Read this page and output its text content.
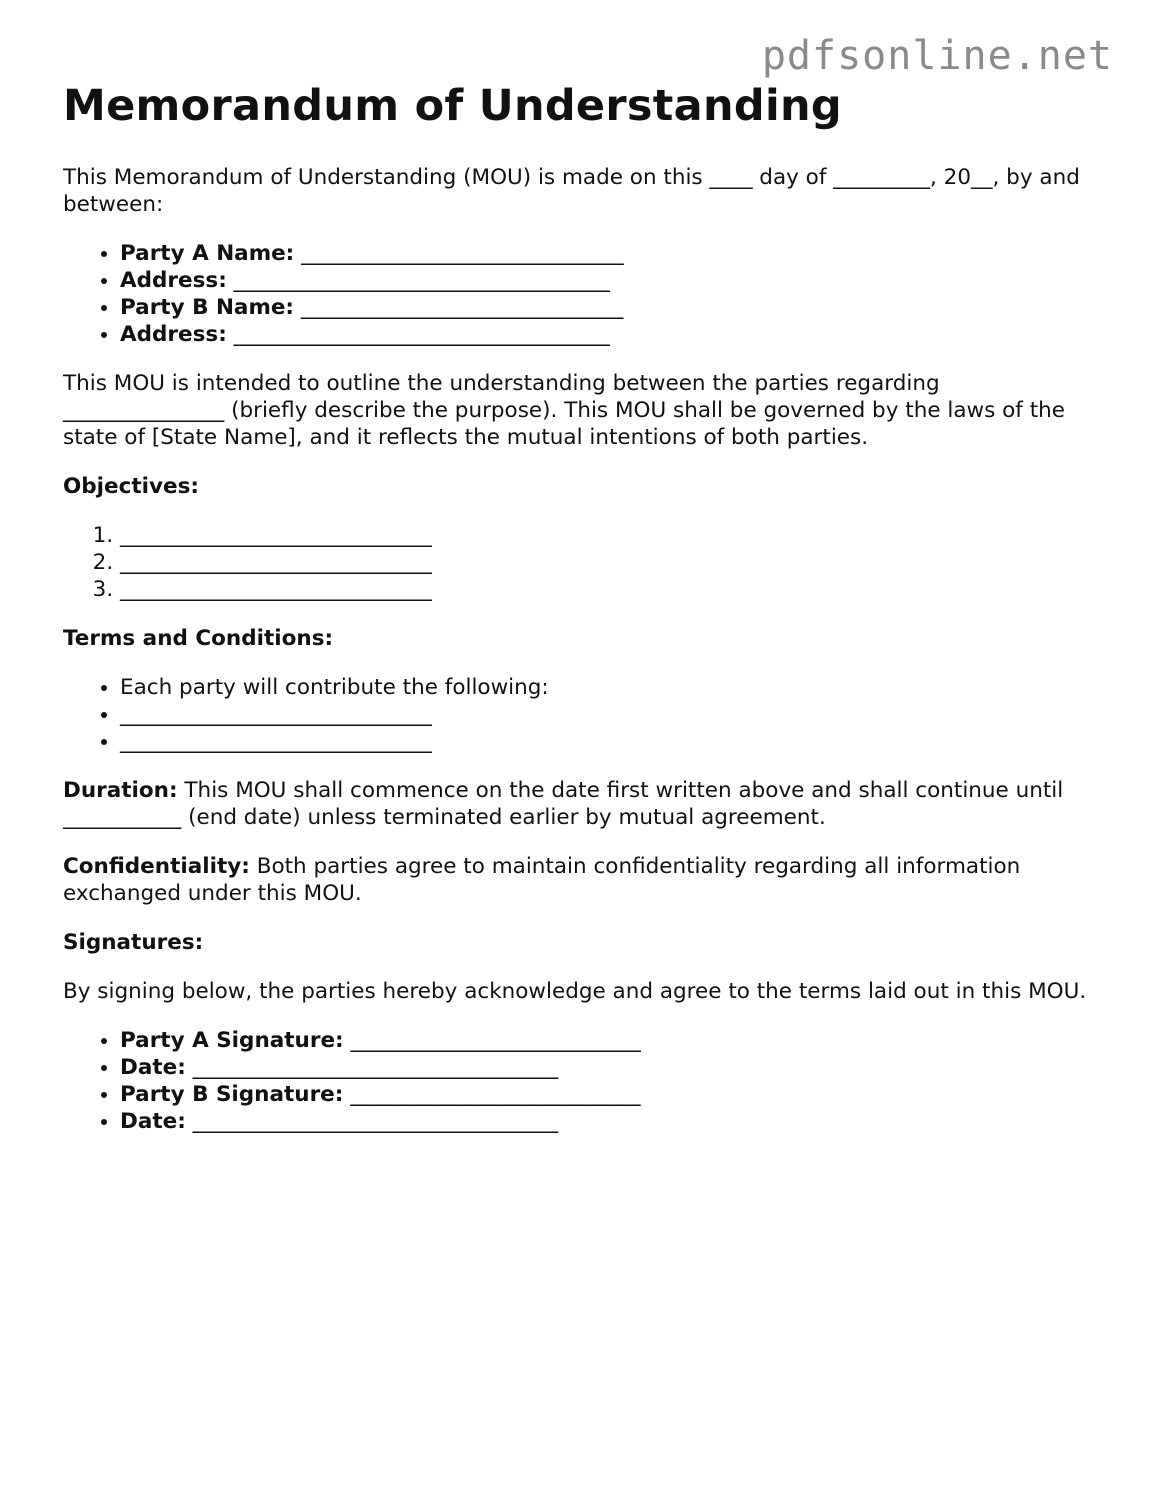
pdfsonline.net
Memorandum of Understanding

This Memorandum of Understanding (MOU) is made on this ____ day of _________, 20__, by and between:

• Party A Name: ______________________________
• Address: ___________________________________
• Party B Name: ______________________________
• Address: ___________________________________

This MOU is intended to outline the understanding between the parties regarding _______________ (briefly describe the purpose). This MOU shall be governed by the laws of the state of [State Name], and it reflects the mutual intentions of both parties.

Objectives:
1. _____________________________
2. _____________________________
3. _____________________________
Terms and Conditions:
• Each party will contribute the following:
• _____________________________
• _____________________________

Duration: This MOU shall commence on the date first written above and shall continue until ___________ (end date) unless terminated earlier by mutual agreement.

Confidentiality: Both parties agree to maintain confidentiality regarding all information exchanged under this MOU.

Signatures:

By signing below, the parties hereby acknowledge and agree to the terms laid out in this MOU.

• Party A Signature: ___________________________
• Date: __________________________________
• Party B Signature: ___________________________
• Date: __________________________________
